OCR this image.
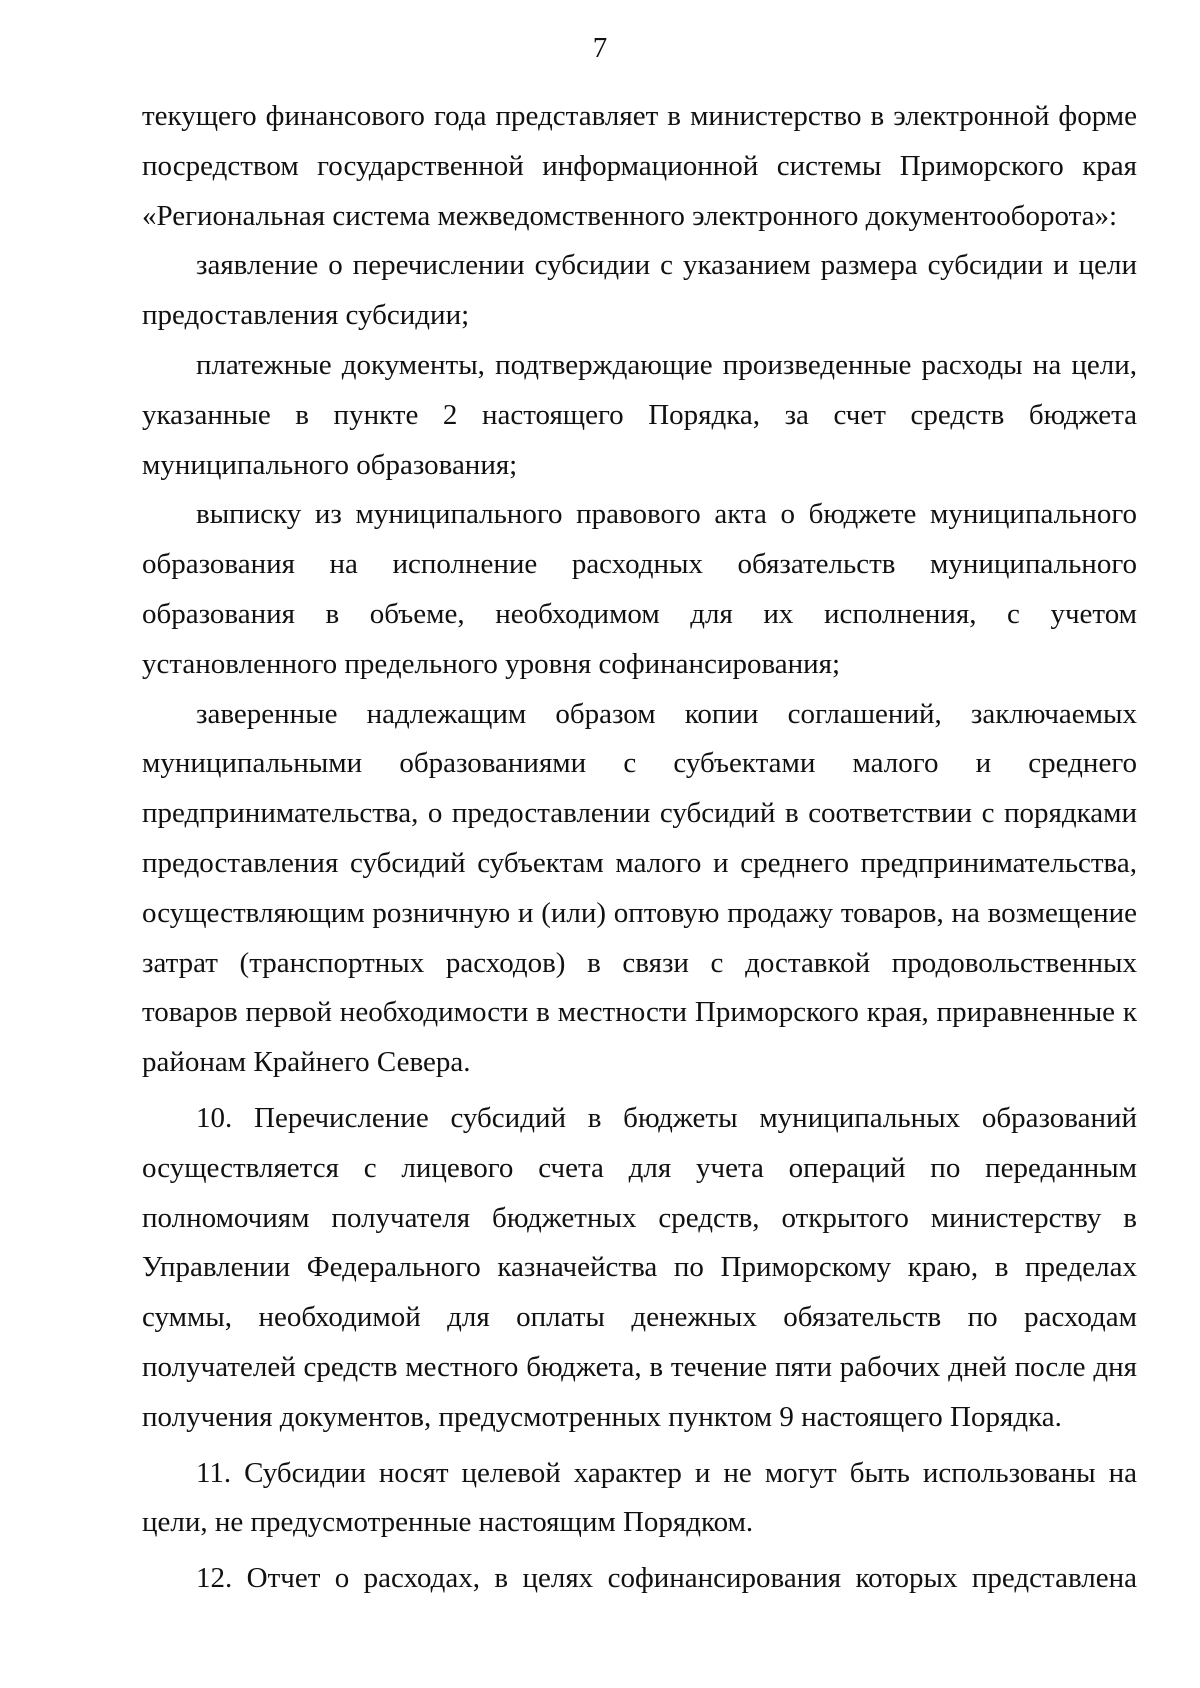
7

текущего финансового года представляет в министерство в электронной форме посредством государственной информационной системы Приморского края «Региональная система межведомственного электронного документооборота»:

заявление о перечислении субсидии с указанием размера субсидии и цели предоставления субсидии;

платежные документы, подтверждающие произведенные расходы на цели, указанные в пункте 2 настоящего Порядка, за счет средств бюджета муниципального образования;

выписку из муниципального правового акта о бюджете муниципального образования на исполнение расходных обязательств муниципального образования в объеме, необходимом для их исполнения, с учетом установленного предельного уровня софинансирования;

заверенные надлежащим образом копии соглашений, заключаемых муниципальными образованиями с субъектами малого и среднего предпринимательства, о предоставлении субсидий в соответствии с порядками предоставления субсидий субъектам малого и среднего предпринимательства, осуществляющим розничную и (или) оптовую продажу товаров, на возмещение затрат (транспортных расходов) в связи с доставкой продовольственных товаров первой необходимости в местности Приморского края, приравненные к районам Крайнего Севера.

10. Перечисление субсидий в бюджеты муниципальных образований осуществляется с лицевого счета для учета операций по переданным полномочиям получателя бюджетных средств, открытого министерству в Управлении Федерального казначейства по Приморскому краю, в пределах суммы, необходимой для оплаты денежных обязательств по расходам получателей средств местного бюджета, в течение пяти рабочих дней после дня получения документов, предусмотренных пунктом 9 настоящего Порядка.

11. Субсидии носят целевой характер и не могут быть использованы на цели, не предусмотренные настоящим Порядком.

12. Отчет о расходах, в целях софинансирования которых представлена
